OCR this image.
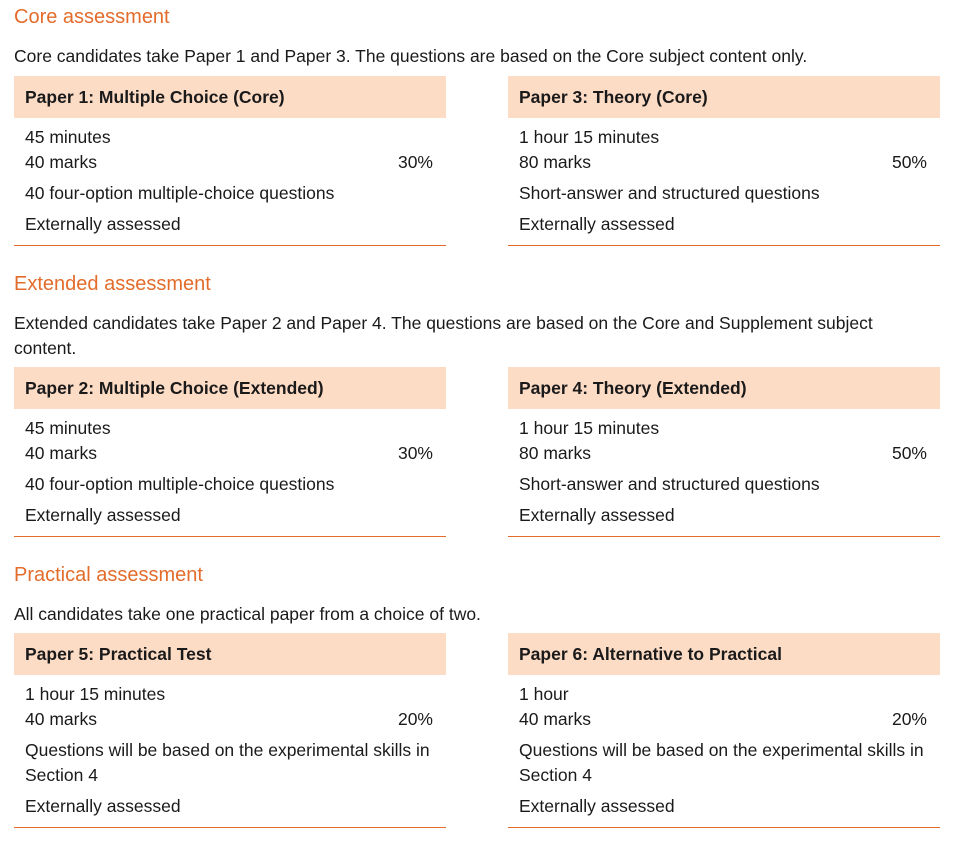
Core assessment

Core candidates take Paper 1 and Paper 3. The questions are based on the Core subject content only.

Paper 1: Multiple Choice (Core)
45 minutes
40 marks	30%
40 four-option multiple-choice questions
Externally assessed
Paper 3: Theory (Core)
1 hour 15 minutes
80 marks	50%
Short-answer and structured questions
Externally assessed
Extended assessment

Extended candidates take Paper 2 and Paper 4. The questions are based on the Core and Supplement subject content.

Paper 2: Multiple Choice (Extended)
45 minutes
40 marks	30%
40 four-option multiple-choice questions
Externally assessed
Paper 4: Theory (Extended)
1 hour 15 minutes
80 marks	50%
Short-answer and structured questions
Externally assessed
Practical assessment

All candidates take one practical paper from a choice of two.

Paper 5: Practical Test
1 hour 15 minutes
40 marks	20%
Questions will be based on the experimental skills in Section 4
Externally assessed
Paper 6: Alternative to Practical
1 hour
40 marks	20%
Questions will be based on the experimental skills in Section 4
Externally assessed
